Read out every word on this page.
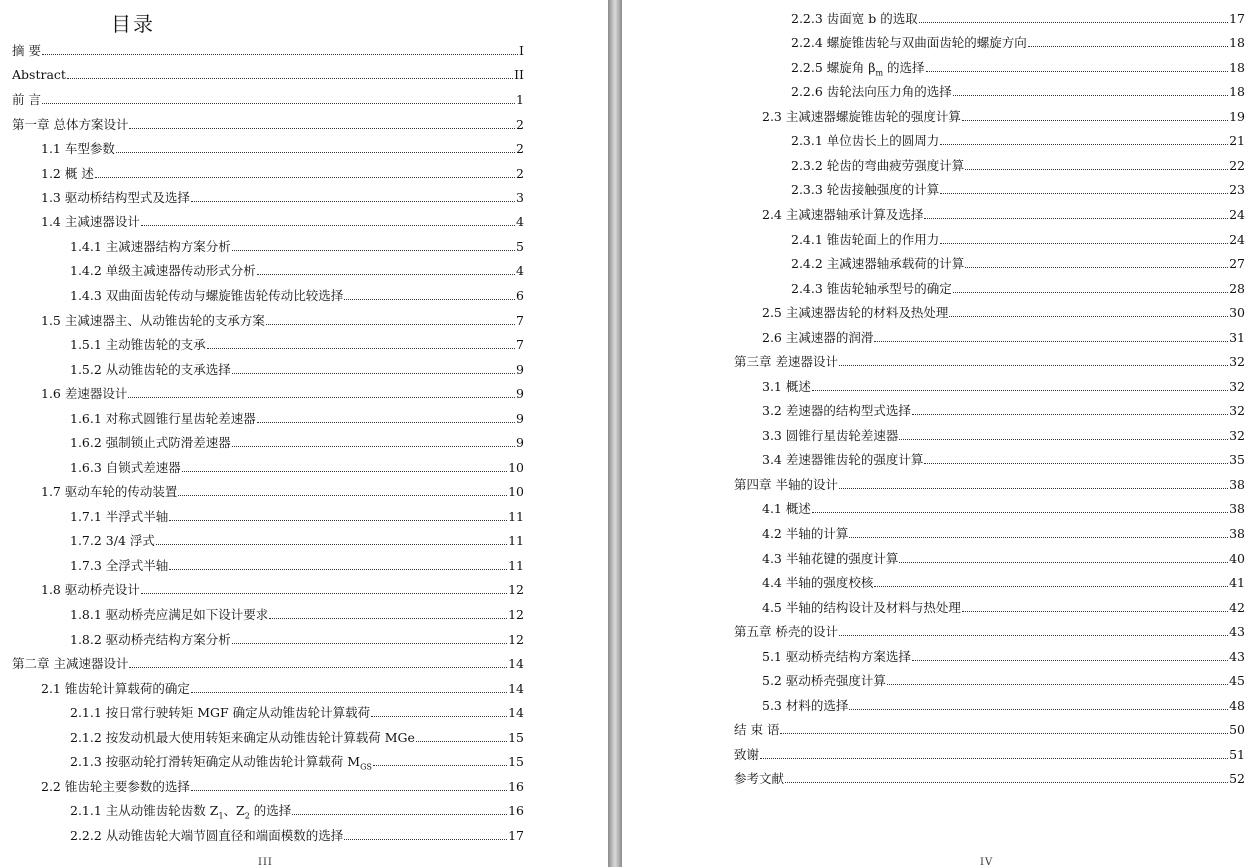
目录
摘 要	I
Abstract	II
前 言	1
第一章 总体方案设计	2
1.1 车型参数	2
1.2 概 述	2
1.3 驱动桥结构型式及选择	3
1.4 主减速器设计	4
1.4.1 主减速器结构方案分析	5
1.4.2 单级主减速器传动形式分析	4
1.4.3 双曲面齿轮传动与螺旋锥齿轮传动比较选择	6
1.5 主减速器主、从动锥齿轮的支承方案	7
1.5.1 主动锥齿轮的支承	7
1.5.2 从动锥齿轮的支承选择	9
1.6 差速器设计	9
1.6.1 对称式圆锥行星齿轮差速器	9
1.6.2 强制锁止式防滑差速器	9
1.6.3 自锁式差速器	10
1.7 驱动车轮的传动装置	10
1.7.1 半浮式半轴	11
1.7.2 3/4 浮式	11
1.7.3 全浮式半轴	11
1.8 驱动桥壳设计	12
1.8.1 驱动桥壳应满足如下设计要求	12
1.8.2 驱动桥壳结构方案分析	12
第二章 主减速器设计	14
2.1 锥齿轮计算载荷的确定	14
2.1.1 按日常行驶转矩 MGF 确定从动锥齿轮计算载荷	14
2.1.2 按发动机最大使用转矩来确定从动锥齿轮计算载荷 MGe	15
2.1.3 按驱动轮打滑转矩确定从动锥齿轮计算载荷 $M_{GS}$	15
2.2 锥齿轮主要参数的选择	16
2.1.1 主从动锥齿轮齿数 $Z_1$、$Z_2$ 的选择	16
2.2.2 从动锥齿轮大端节圆直径和端面模数的选择	17
III
2.2.3 齿面宽 b 的选取	17
2.2.4 螺旋锥齿轮与双曲面齿轮的螺旋方向	18
2.2.5 螺旋角 $\beta_m$ 的选择	18
2.2.6 齿轮法向压力角的选择	18
2.3 主减速器螺旋锥齿轮的强度计算	19
2.3.1 单位齿长上的圆周力	21
2.3.2 轮齿的弯曲疲劳强度计算	22
2.3.3 轮齿接触强度的计算	23
2.4 主减速器轴承计算及选择	24
2.4.1 锥齿轮面上的作用力	24
2.4.2 主减速器轴承载荷的计算	27
2.4.3 锥齿轮轴承型号的确定	28
2.5 主减速器齿轮的材料及热处理	30
2.6 主减速器的润滑	31
第三章 差速器设计	32
3.1 概述	32
3.2 差速器的结构型式选择	32
3.3 圆锥行星齿轮差速器	32
3.4 差速器锥齿轮的强度计算	35
第四章 半轴的设计	38
4.1 概述	38
4.2 半轴的计算	38
4.3 半轴花键的强度计算	40
4.4 半轴的强度校核	41
4.5 半轴的结构设计及材料与热处理	42
第五章 桥壳的设计	43
5.1 驱动桥壳结构方案选择	43
5.2 驱动桥壳强度计算	45
5.3 材料的选择	48
结 束 语	50
致谢	51
参考文献	52
IV
